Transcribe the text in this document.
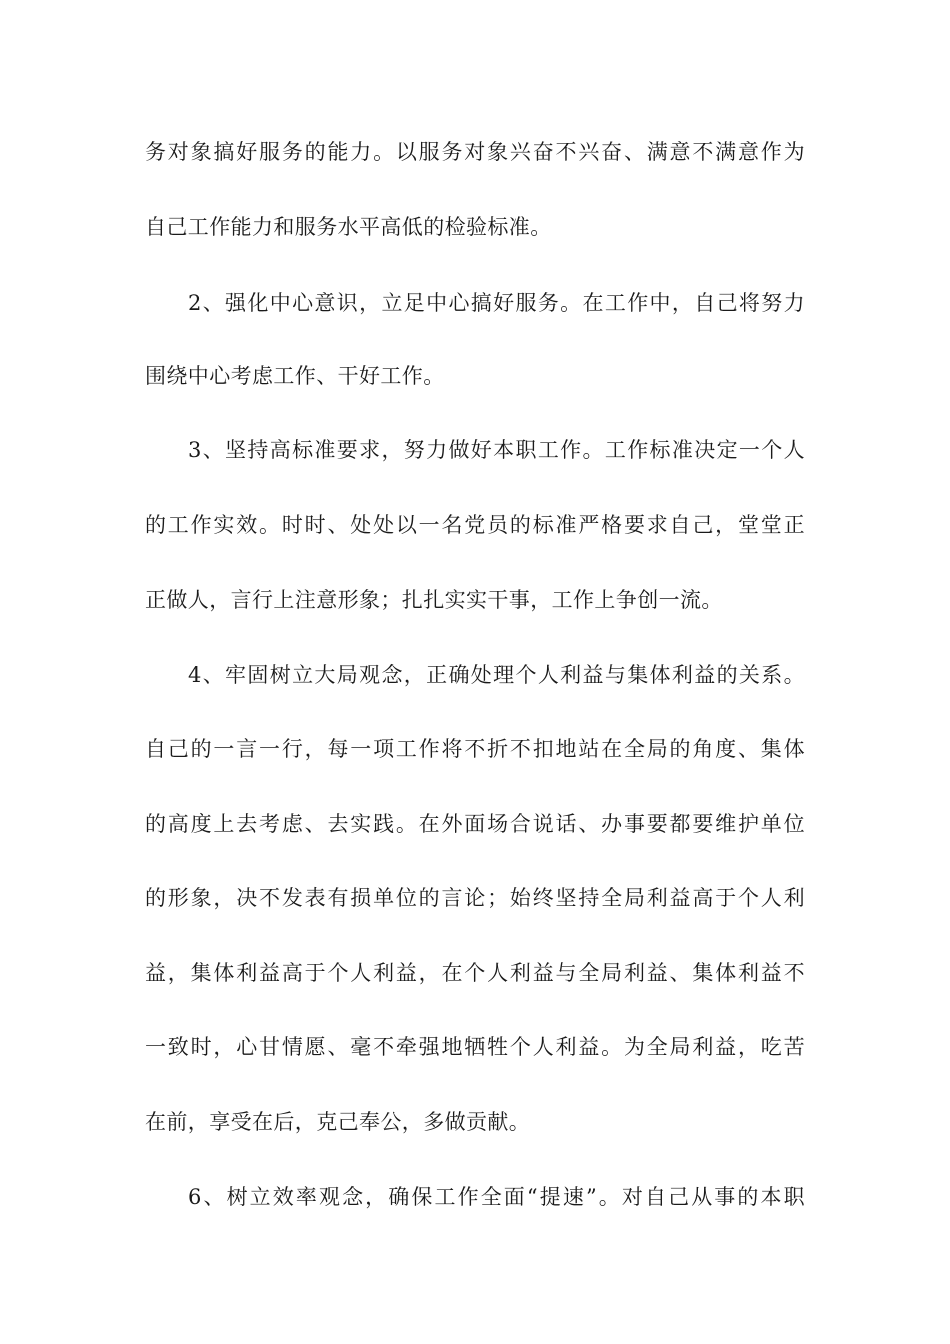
务对象搞好服务的能力。以服务对象兴奋不兴奋、满意不满意作为
自己工作能力和服务水平高低的检验标准。
2、强化中心意识，立足中心搞好服务。在工作中，自己将努力
围绕中心考虑工作、干好工作。
3、坚持高标准要求，努力做好本职工作。工作标准决定一个人
的工作实效。时时、处处以一名党员的标准严格要求自己，堂堂正
正做人，言行上注意形象；扎扎实实干事，工作上争创一流。
4、牢固树立大局观念，正确处理个人利益与集体利益的关系。
自己的一言一行，每一项工作将不折不扣地站在全局的角度、集体
的高度上去考虑、去实践。在外面场合说话、办事要都要维护单位
的形象，决不发表有损单位的言论；始终坚持全局利益高于个人利
益，集体利益高于个人利益，在个人利益与全局利益、集体利益不
一致时，心甘情愿、毫不牵强地牺牲个人利益。为全局利益，吃苦
在前，享受在后，克己奉公，多做贡献。
6、树立效率观念，确保工作全面“提速”。对自己从事的本职
